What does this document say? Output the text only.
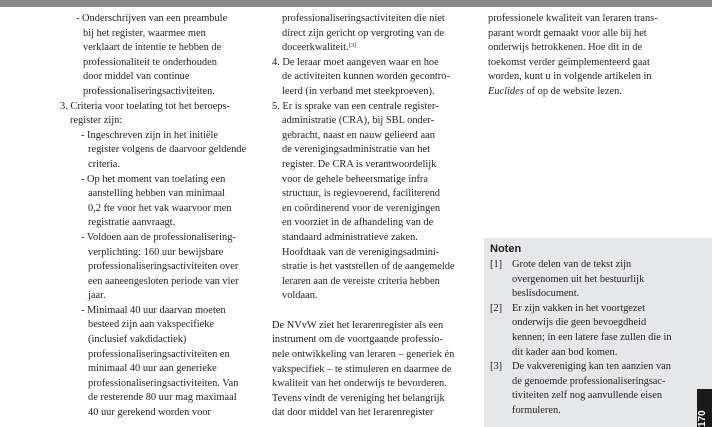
- Onderschrijven van een preambule
bij het register, waarmee men
verklaart de intentie te hebben de
professionaliteit te onderhouden
door middel van continue
professionaliseringsactiviteiten.
3. Criteria voor toelating tot het beroeps-
register zijn:
- Ingeschreven zijn in het initiële
register volgens de daarvoor geldende
criteria.
- Op het moment van toelating een
aanstelling hebben van minimaal
0,2 fte voor het vak waarvoor men
registratie aanvraagt.
- Voldoen aan de professionalisering-
verplichting: 160 uur bewijsbare
professionaliseringsactiviteiten over
een aaneengesloten periode van vier
jaar.
- Minimaal 40 uur daarvan moeten
besteed zijn aan vakspecifieke
(inclusief vakdidactiek)
professionaliseringsactiviteiten en
minimaal 40 uur aan generieke
professionaliseringsactiviteiten. Van
de resterende 80 uur mag maximaal
40 uur gerekend worden voor
professionaliseringsactiviteiten die niet
direct zijn gericht op vergroting van de
doceerkwaliteit.[3]
4. De leraar moet aangeven waar en hoe
de activiteiten kunnen worden gecontro-
leerd (in verband met steekproeven).
5. Er is sprake van een centrale register-
administratie (CRA), bij SBL onder-
gebracht, naast en nauw gelieerd aan
de verenigingsadministratie van het
register. De CRA is verantwoordelijk
voor de gehele beheersmatige infra
structuur, is regievoerend, faciliterend
en coördinerend voor de verenigingen
en voorziet in de afhandeling van de
standaard administratieve zaken.
Hoofdtaak van de verenigingsadmini-
stratie is het vaststellen of de aangemelde
leraren aan de vereiste criteria hebben
voldaan.
De NVvW ziet het lerarenregister als een
instrument om de voortgaande professio-
nele ontwikkeling van leraren – generiek én
vakspecifiek – te stimuleren en daarmee de
kwaliteit van het onderwijs te bevorderen.
Tevens vindt de vereniging het belangrijk
dat door middel van het lerarenregister
professionele kwaliteit van leraren trans-
parant wordt gemaakt voor alle bij het
onderwijs betrokkenen. Hoe dit in de
toekomst verder geïmplementeerd gaat
worden, kunt u in volgende artikelen in
Euclides of op de website lezen.
Noten
[1] Grote delen van de tekst zijn
overgenomen uit het bestuurlijk
beslisdocument.
[2] Er zijn vakken in het voortgezet
onderwijs die geen bevoegdheid
kennen; in een latere fase zullen die in
dit kader aan bod komen.
[3] De vakvereniging kan ten aanzien van
de genoemde professionaliseringsac-
tiviteiten zelf nog aanvullende eisen
formuleren.	170
